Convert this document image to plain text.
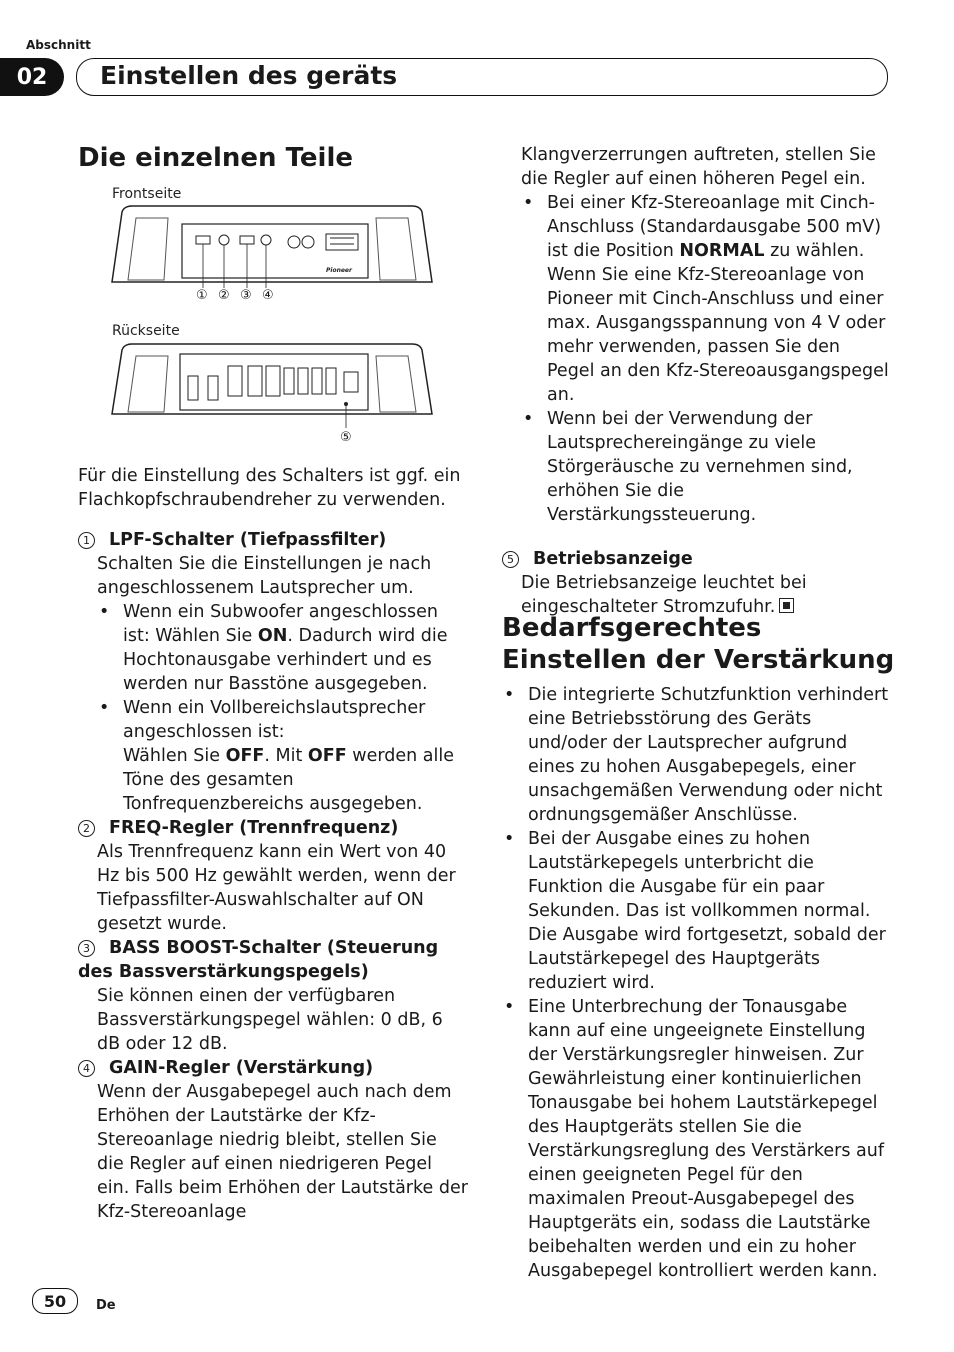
Abschnitt
02	Einstellen des geräts
Die einzelnen Teile
Frontseite
Pioneer
① ② ③ ④
Rückseite
⑤

Für die Einstellung des Schalters ist ggf. ein Flachkopfschraubendreher zu verwenden.

1 LPF-Schalter (Tiefpassfilter)

Schalten Sie die Einstellungen je nach angeschlossenem Lautsprecher um.

• Wenn ein Subwoofer angeschlossen ist: Wählen Sie ON. Dadurch wird die Hochtonausgabe verhindert und es werden nur Basstöne ausgegeben.
• Wenn ein Vollbereichslautsprecher angeschlossen ist:
Wählen Sie OFF. Mit OFF werden alle Töne des gesamten Tonfrequenzbereichs ausgegeben.

2 FREQ-Regler (Trennfrequenz)

Als Trennfrequenz kann ein Wert von 40 Hz bis 500 Hz gewählt werden, wenn der Tiefpassfilter-Auswahlschalter auf ON gesetzt wurde.

3 BASS BOOST-Schalter (Steuerung des Bassverstärkungspegels)

Sie können einen der verfügbaren Bassverstärkungspegel wählen: 0 dB, 6 dB oder 12 dB.

4 GAIN-Regler (Verstärkung)

Wenn der Ausgabepegel auch nach dem Erhöhen der Lautstärke der Kfz-Stereoanlage niedrig bleibt, stellen Sie die Regler auf einen niedrigeren Pegel ein. Falls beim Erhöhen der Lautstärke der Kfz-Stereoanlage

Klangverzerrungen auftreten, stellen Sie die Regler auf einen höheren Pegel ein.

• Bei einer Kfz-Stereoanlage mit Cinch-Anschluss (Standardausgabe 500 mV) ist die Position NORMAL zu wählen. Wenn Sie eine Kfz-Stereoanlage von Pioneer mit Cinch-Anschluss und einer max. Ausgangsspannung von 4 V oder mehr verwenden, passen Sie den Pegel an den Kfz-Stereoausgangspegel an.
• Wenn bei der Verwendung der Lautsprechereingänge zu viele Störgeräusche zu vernehmen sind, erhöhen Sie die Verstärkungssteuerung.

5 Betriebsanzeige

Die Betriebsanzeige leuchtet bei eingeschalteter Stromzufuhr.

Bedarfsgerechtes
Einstellen der Verstärkung
• Die integrierte Schutzfunktion verhindert eine Betriebsstörung des Geräts und/oder der Lautsprecher aufgrund eines zu hohen Ausgabepegels, einer unsachgemäßen Verwendung oder nicht ordnungsgemäßer Anschlüsse.
• Bei der Ausgabe eines zu hohen Lautstärkepegels unterbricht die Funktion die Ausgabe für ein paar Sekunden. Das ist vollkommen normal. Die Ausgabe wird fortgesetzt, sobald der Lautstärkepegel des Hauptgeräts reduziert wird.
• Eine Unterbrechung der Tonausgabe kann auf eine ungeeignete Einstellung der Verstärkungsregler hinweisen. Zur Gewährleistung einer kontinuierlichen Tonausgabe bei hohem Lautstärkepegel des Hauptgeräts stellen Sie die Verstärkungsreglung des Verstärkers auf einen geeigneten Pegel für den maximalen Preout-Ausgabepegel des Hauptgeräts ein, sodass die Lautstärke beibehalten werden und ein zu hoher Ausgabepegel kontrolliert werden kann.
50	De
